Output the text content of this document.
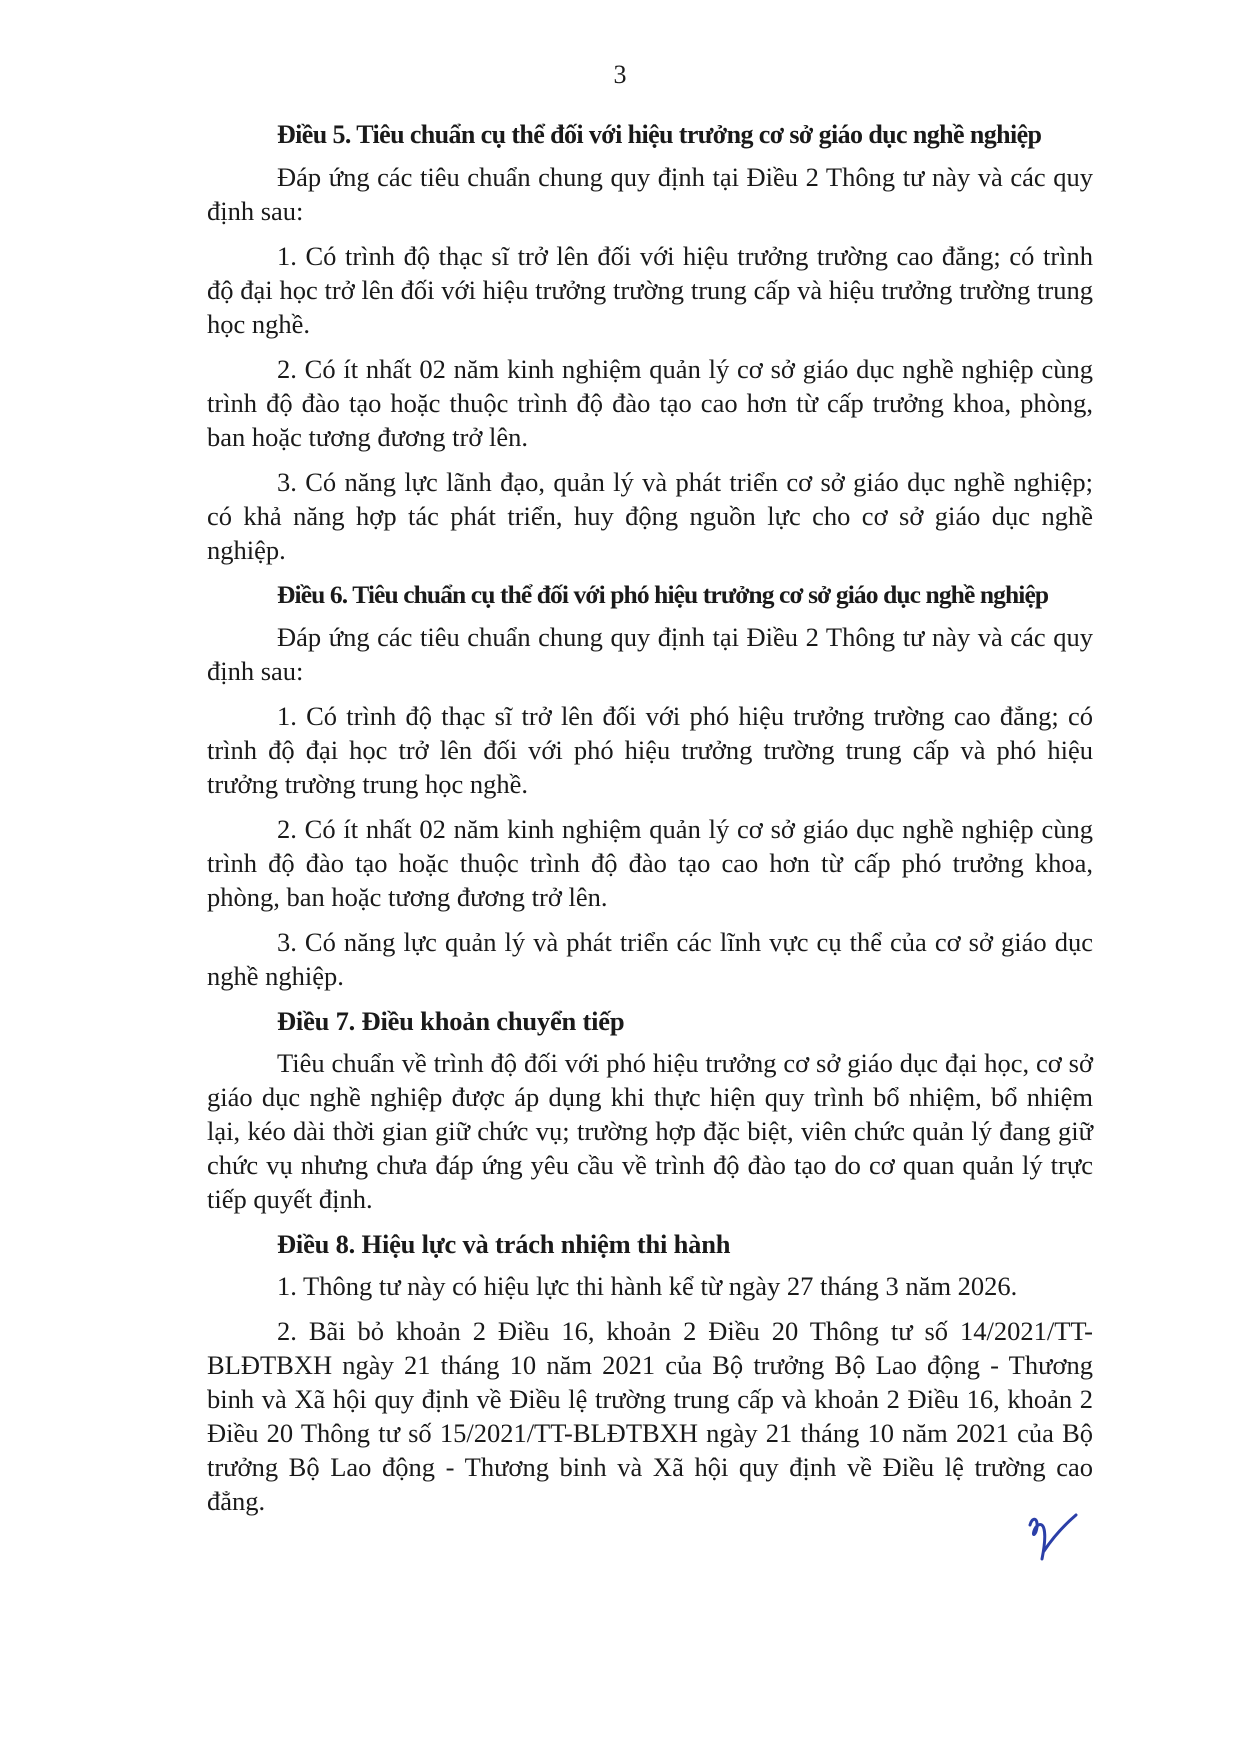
3

Điều 5. Tiêu chuẩn cụ thể đối với hiệu trưởng cơ sở giáo dục nghề nghiệp

Đáp ứng các tiêu chuẩn chung quy định tại Điều 2 Thông tư này và các quy định sau:

1. Có trình độ thạc sĩ trở lên đối với hiệu trưởng trường cao đẳng; có trình độ đại học trở lên đối với hiệu trưởng trường trung cấp và hiệu trưởng trường trung học nghề.

2. Có ít nhất 02 năm kinh nghiệm quản lý cơ sở giáo dục nghề nghiệp cùng trình độ đào tạo hoặc thuộc trình độ đào tạo cao hơn từ cấp trưởng khoa, phòng, ban hoặc tương đương trở lên.

3. Có năng lực lãnh đạo, quản lý và phát triển cơ sở giáo dục nghề nghiệp; có khả năng hợp tác phát triển, huy động nguồn lực cho cơ sở giáo dục nghề nghiệp.

Điều 6. Tiêu chuẩn cụ thể đối với phó hiệu trưởng cơ sở giáo dục nghề nghiệp

Đáp ứng các tiêu chuẩn chung quy định tại Điều 2 Thông tư này và các quy định sau:

1. Có trình độ thạc sĩ trở lên đối với phó hiệu trưởng trường cao đẳng; có trình độ đại học trở lên đối với phó hiệu trưởng trường trung cấp và phó hiệu trưởng trường trung học nghề.

2. Có ít nhất 02 năm kinh nghiệm quản lý cơ sở giáo dục nghề nghiệp cùng trình độ đào tạo hoặc thuộc trình độ đào tạo cao hơn từ cấp phó trưởng khoa, phòng, ban hoặc tương đương trở lên.

3. Có năng lực quản lý và phát triển các lĩnh vực cụ thể của cơ sở giáo dục nghề nghiệp.

Điều 7. Điều khoản chuyển tiếp

Tiêu chuẩn về trình độ đối với phó hiệu trưởng cơ sở giáo dục đại học, cơ sở giáo dục nghề nghiệp được áp dụng khi thực hiện quy trình bổ nhiệm, bổ nhiệm lại, kéo dài thời gian giữ chức vụ; trường hợp đặc biệt, viên chức quản lý đang giữ chức vụ nhưng chưa đáp ứng yêu cầu về trình độ đào tạo do cơ quan quản lý trực tiếp quyết định.

Điều 8. Hiệu lực và trách nhiệm thi hành

1. Thông tư này có hiệu lực thi hành kể từ ngày 27 tháng 3 năm 2026.

2. Bãi bỏ khoản 2 Điều 16, khoản 2 Điều 20 Thông tư số 14/2021/TT-BLĐTBXH ngày 21 tháng 10 năm 2021 của Bộ trưởng Bộ Lao động - Thương binh và Xã hội quy định về Điều lệ trường trung cấp và khoản 2 Điều 16, khoản 2 Điều 20 Thông tư số 15/2021/TT-BLĐTBXH ngày 21 tháng 10 năm 2021 của Bộ trưởng Bộ Lao động - Thương binh và Xã hội quy định về Điều lệ trường cao đẳng.
